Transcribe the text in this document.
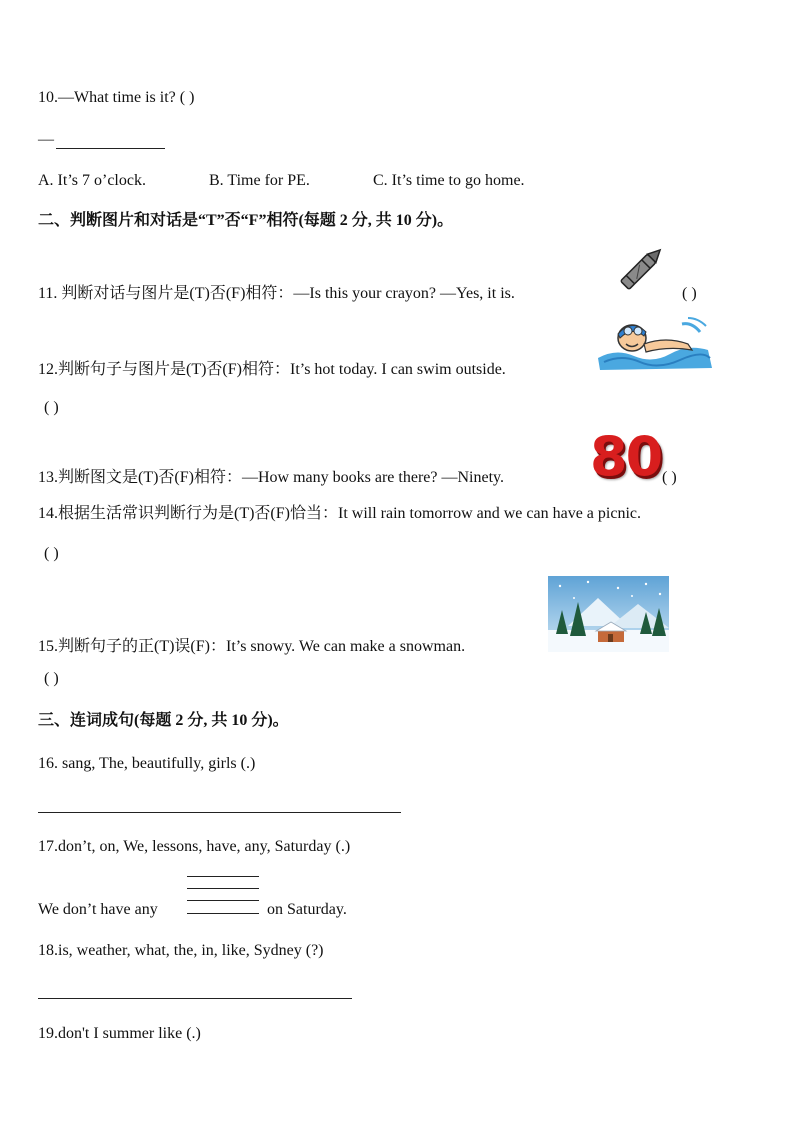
10.—What time is it? ( )
—
A. It’s 7 o’clock.	B. Time for PE.	C. It’s time to go home.
二、判断图片和对话是“T”否“F”相符(每题 2 分, 共 10 分)。
11. 判断对话与图片是(T)否(F)相符：—Is this your crayon? —Yes, it is.	( )
12.判断句子与图片是(T)否(F)相符：It’s hot today. I can swim outside.
( )
13.判断图文是(T)否(F)相符：—How many books are there? —Ninety. 80 ( )
14.根据生活常识判断行为是(T)否(F)恰当：It will rain tomorrow and we can have a picnic.
( )
15.判断句子的正(T)误(F)：It’s snowy. We can make a snowman.
( )
三、连词成句(每题 2 分, 共 10 分)。
16. sang, The, beautifully, girls (.)
17.don’t, on, We, lessons, have, any, Saturday (.)
We don’t have any	on Saturday.
18.is, weather, what, the, in, like, Sydney (?)
19.don't I summer like (.)
